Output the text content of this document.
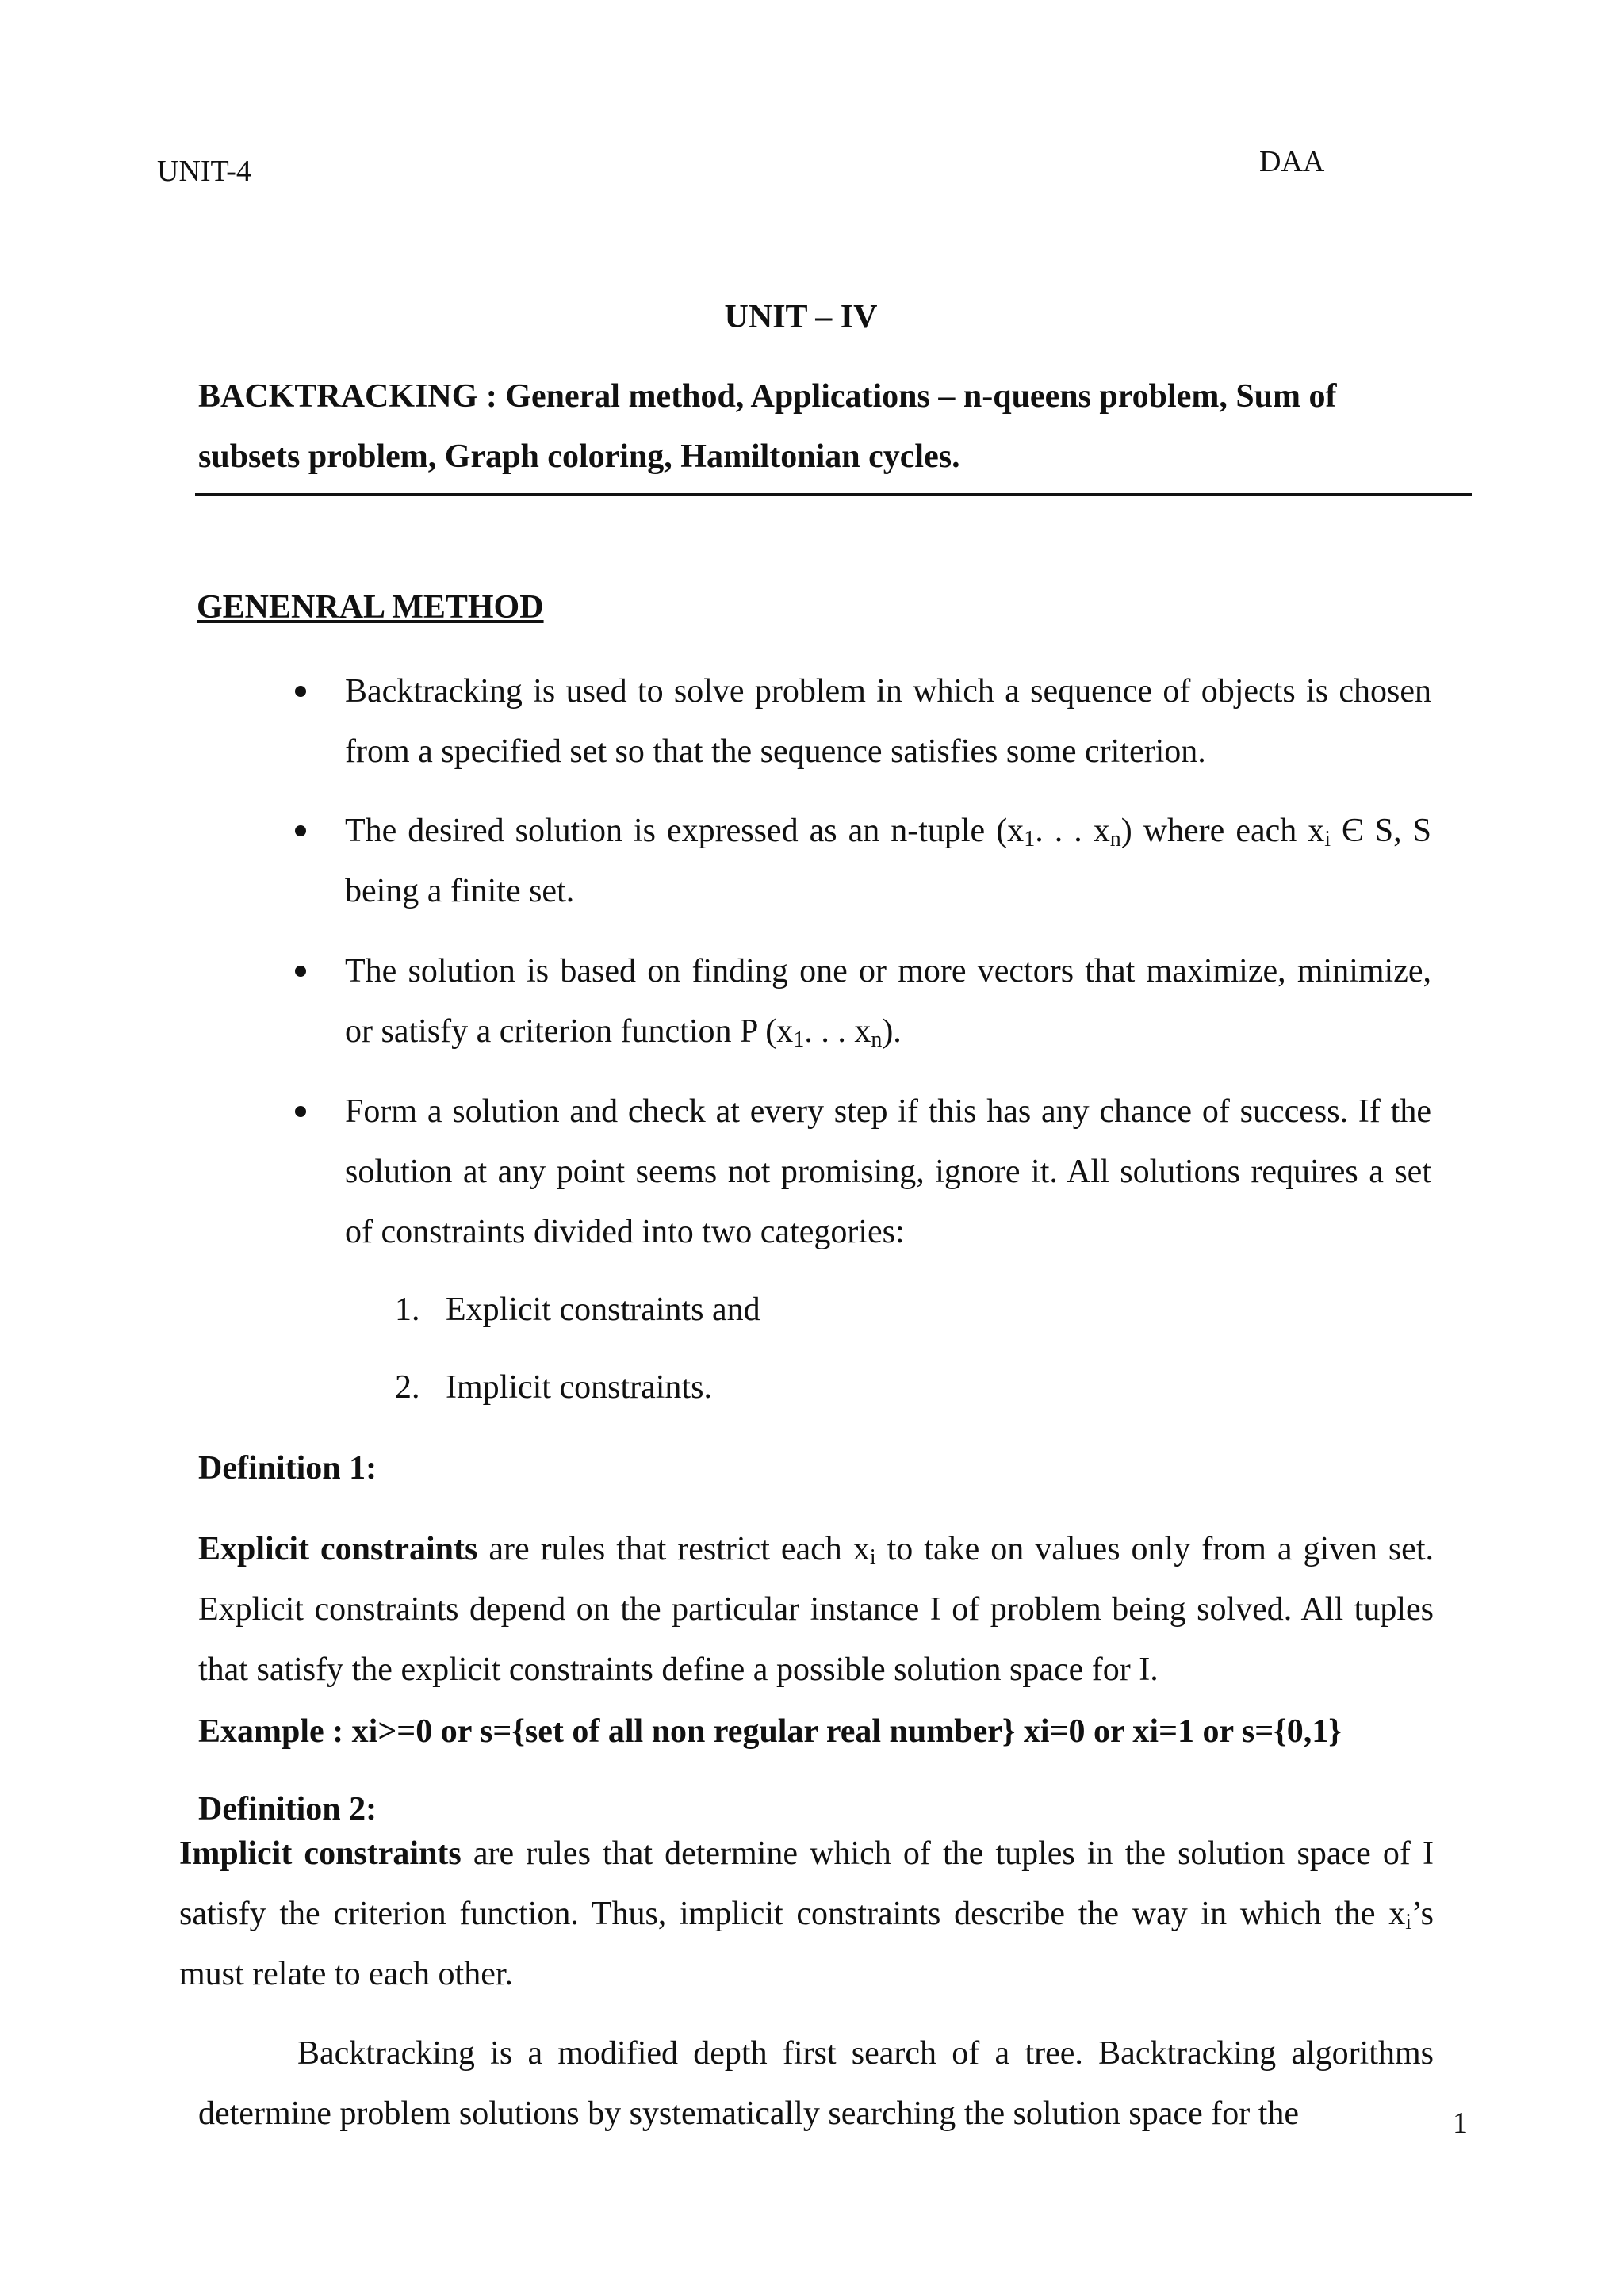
UNIT-4	DAA
UNIT – IV
BACKTRACKING : General method, Applications – n-queens problem, Sum of
subsets problem, Graph coloring, Hamiltonian cycles.
GENENRAL METHOD
Backtracking is used to solve problem in which a sequence of objects is chosen from a specified set so that the sequence satisfies some criterion.
The desired solution is expressed as an n-tuple ($x_1$. . . $x_n$) where each $x_i$ Є S, S being a finite set.
The solution is based on finding one or more vectors that maximize, minimize, or satisfy a criterion function P ($x_1$. . . $x_n$).
Form a solution and check at every step if this has any chance of success. If the solution at any point seems not promising, ignore it. All solutions requires a set of constraints divided into two categories:
1. Explicit constraints and
2. Implicit constraints.
Definition 1:
Explicit constraints are rules that restrict each $x_i$ to take on values only from a given set. Explicit constraints depend on the particular instance I of problem being solved. All tuples that satisfy the explicit constraints define a possible solution space for I.
Example : xi>=0 or s={set of all non regular real number} xi=0 or xi=1 or s={0,1}
Definition 2:
Implicit constraints are rules that determine which of the tuples in the solution space of I satisfy the criterion function. Thus, implicit constraints describe the way in which the $x_i’s$ must relate to each other.
Backtracking is a modified depth first search of a tree. Backtracking algorithms determine problem solutions by systematically searching the solution space for the	1
